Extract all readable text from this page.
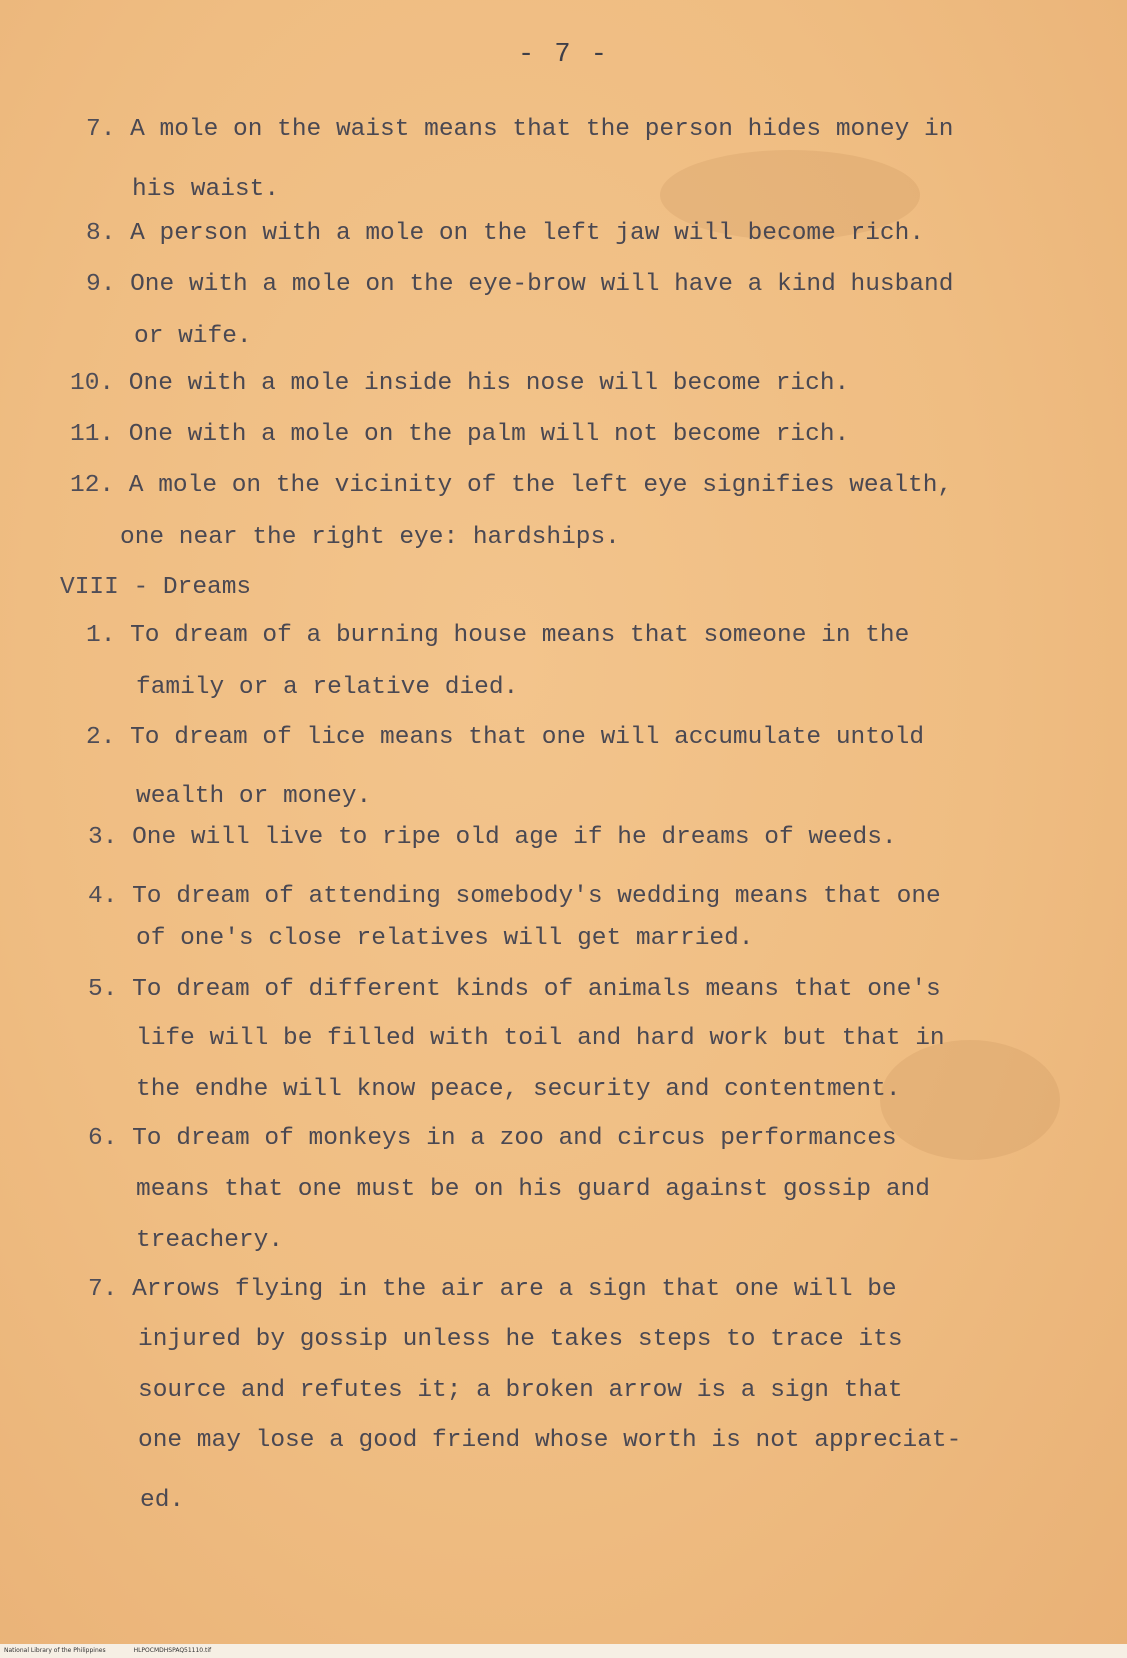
- 7 -
7. A mole on the waist means that the person hides money in
his waist.
8. A person with a mole on the left jaw will become rich.
9. One with a mole on the eye-brow will have a kind husband
or wife.
10. One with a mole inside his nose will become rich.
11. One with a mole on the palm will not become rich.
12. A mole on the vicinity of the left eye signifies wealth,
one near the right eye: hardships.
VIII - Dreams
1. To dream of a burning house means that someone in the
family or a relative died.
2. To dream of lice means that one will accumulate untold
wealth or money.
3. One will live to ripe old age if he dreams of weeds.
4. To dream of attending somebody's wedding means that one
of one's close relatives will get married.
5. To dream of different kinds of animals means that one's
life will be filled with toil and hard work but that in
the endhe will know peace, security and contentment.
6. To dream of monkeys in a zoo and circus performances
means that one must be on his guard against gossip and
treachery.
7. Arrows flying in the air are a sign that one will be
injured by gossip unless he takes steps to trace its
source and refutes it; a broken arrow is a sign that
one may lose a good friend whose worth is not appreciat-
ed.
National Library of the Philippines	HLPOCMDHSPAQ51110.tif
